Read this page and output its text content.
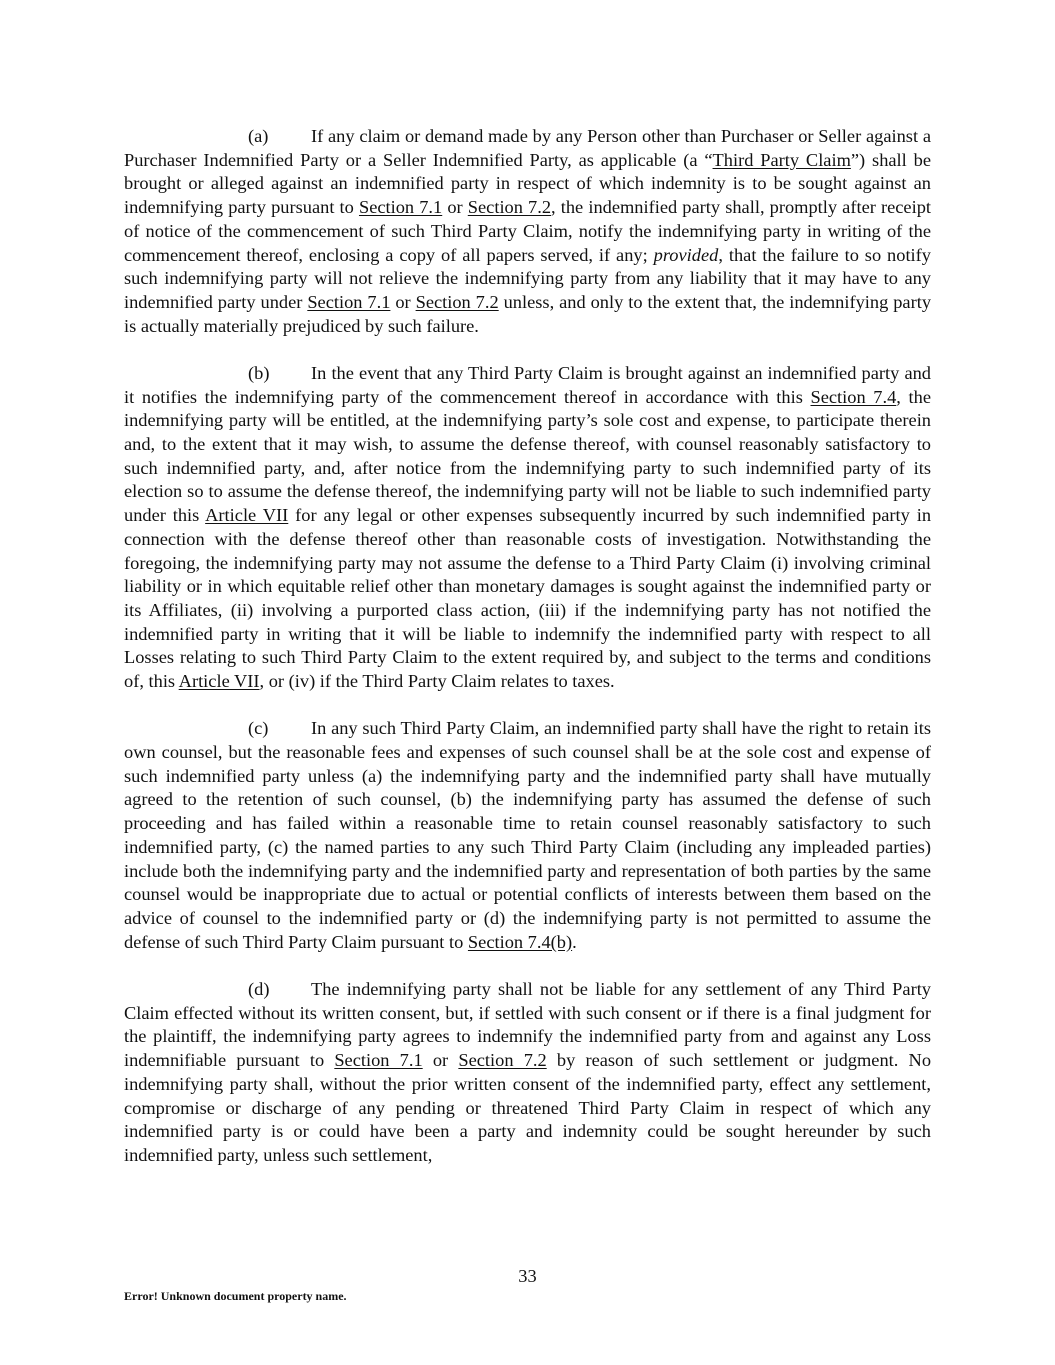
(a) If any claim or demand made by any Person other than Purchaser or Seller against a Purchaser Indemnified Party or a Seller Indemnified Party, as applicable (a “Third Party Claim”) shall be brought or alleged against an indemnified party in respect of which indemnity is to be sought against an indemnifying party pursuant to Section 7.1 or Section 7.2, the indemnified party shall, promptly after receipt of notice of the commencement of such Third Party Claim, notify the indemnifying party in writing of the commencement thereof, enclosing a copy of all papers served, if any; provided, that the failure to so notify such indemnifying party will not relieve the indemnifying party from any liability that it may have to any indemnified party under Section 7.1 or Section 7.2 unless, and only to the extent that, the indemnifying party is actually materially prejudiced by such failure.

(b) In the event that any Third Party Claim is brought against an indemnified party and it notifies the indemnifying party of the commencement thereof in accordance with this Section 7.4, the indemnifying party will be entitled, at the indemnifying party’s sole cost and expense, to participate therein and, to the extent that it may wish, to assume the defense thereof, with counsel reasonably satisfactory to such indemnified party, and, after notice from the indemnifying party to such indemnified party of its election so to assume the defense thereof, the indemnifying party will not be liable to such indemnified party under this Article VII for any legal or other expenses subsequently incurred by such indemnified party in connection with the defense thereof other than reasonable costs of investigation. Notwithstanding the foregoing, the indemnifying party may not assume the defense to a Third Party Claim (i) involving criminal liability or in which equitable relief other than monetary damages is sought against the indemnified party or its Affiliates, (ii) involving a purported class action, (iii) if the indemnifying party has not notified the indemnified party in writing that it will be liable to indemnify the indemnified party with respect to all Losses relating to such Third Party Claim to the extent required by, and subject to the terms and conditions of, this Article VII, or (iv) if the Third Party Claim relates to taxes.

(c) In any such Third Party Claim, an indemnified party shall have the right to retain its own counsel, but the reasonable fees and expenses of such counsel shall be at the sole cost and expense of such indemnified party unless (a) the indemnifying party and the indemnified party shall have mutually agreed to the retention of such counsel, (b) the indemnifying party has assumed the defense of such proceeding and has failed within a reasonable time to retain counsel reasonably satisfactory to such indemnified party, (c) the named parties to any such Third Party Claim (including any impleaded parties) include both the indemnifying party and the indemnified party and representation of both parties by the same counsel would be inappropriate due to actual or potential conflicts of interests between them based on the advice of counsel to the indemnified party or (d) the indemnifying party is not permitted to assume the defense of such Third Party Claim pursuant to Section 7.4(b).

(d) The indemnifying party shall not be liable for any settlement of any Third Party Claim effected without its written consent, but, if settled with such consent or if there is a final judgment for the plaintiff, the indemnifying party agrees to indemnify the indemnified party from and against any Loss indemnifiable pursuant to Section 7.1 or Section 7.2 by reason of such settlement or judgment. No indemnifying party shall, without the prior written consent of the indemnified party, effect any settlement, compromise or discharge of any pending or threatened Third Party Claim in respect of which any indemnified party is or could have been a party and indemnity could be sought hereunder by such indemnified party, unless such settlement,

33
Error! Unknown document property name.
